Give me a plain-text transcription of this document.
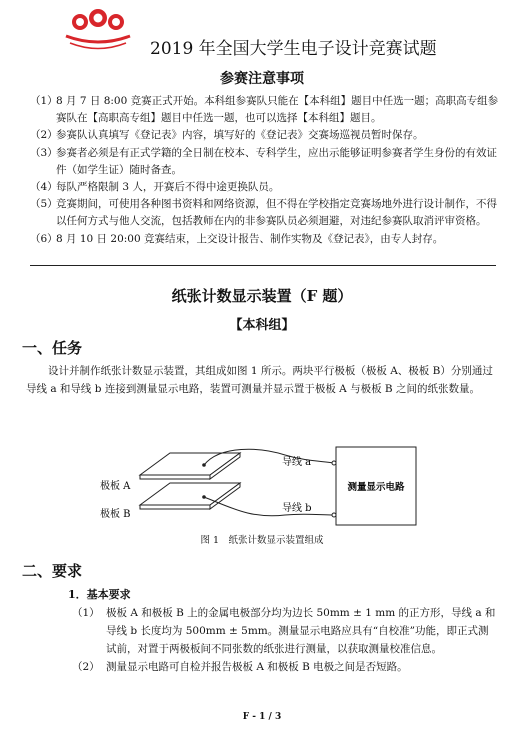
2019 年全国大学生电子设计竞赛试题
参赛注意事项
（1）
8 月 7 日 8:00 竞赛正式开始。本科组参赛队只能在【本科组】题目中任选一题；高职高专组参赛队在【高职高专组】题目中任选一题，也可以选择【本科组】题目。
（2）
参赛队认真填写《登记表》内容，填写好的《登记表》交赛场巡视员暂时保存。
（3）
参赛者必须是有正式学籍的全日制在校本、专科学生，应出示能够证明参赛者学生身份的有效证件（如学生证）随时备查。
（4）
每队严格限制 3 人，开赛后不得中途更换队员。
（5）
竞赛期间，可使用各种图书资料和网络资源，但不得在学校指定竞赛场地外进行设计制作，不得以任何方式与他人交流，包括教师在内的非参赛队员必须迴避，对违纪参赛队取消评审资格。
（6）
8 月 10 日 20:00 竞赛结束，上交设计报告、制作实物及《登记表》，由专人封存。
纸张计数显示装置（F 题）
【本科组】
一、任务
设计并制作纸张计数显示装置，其组成如图 1 所示。两块平行极板（极板 A、极板 B）分别通过导线 a 和导线 b 连接到测量显示电路，装置可测量并显示置于极板 A 与极板 B 之间的纸张数量。
测量显示电路
极板 A
极板 B
导线 a
导线 b
图 1　纸张计数显示装置组成
二、要求
1．基本要求
（1） 极板 A 和极板 B 上的金属电极部分均为边长 50mm ± 1 mm 的正方形，导线 a 和导线 b 长度均为 500mm ± 5mm。测量显示电路应具有“自校准”功能，即正式测试前，对置于两极板间不同张数的纸张进行测量，以获取测量校准信息。
（2） 测量显示电路可自检并报告极板 A 和极板 B 电极之间是否短路。
F - 1 / 3
